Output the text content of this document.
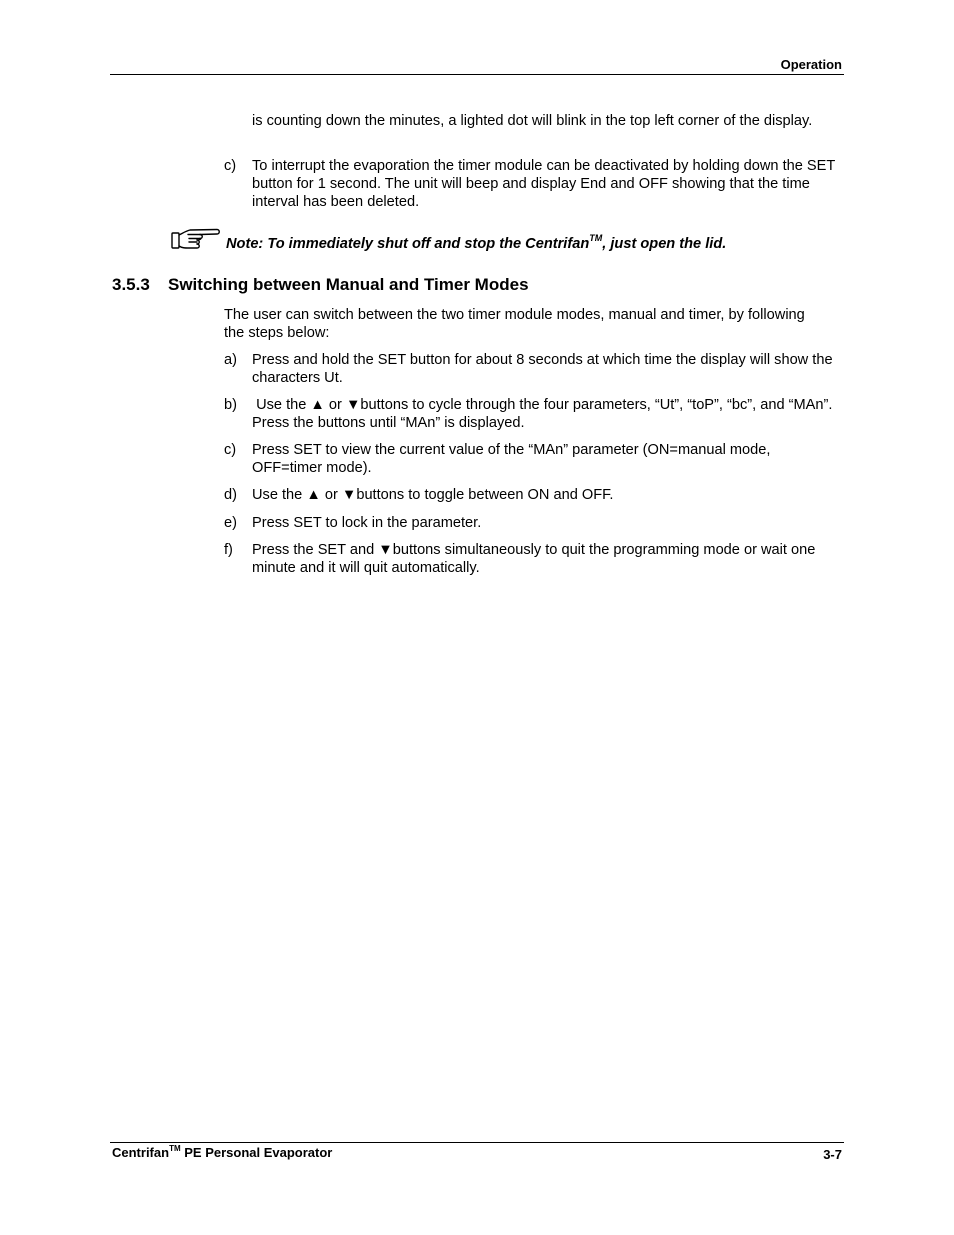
Operation
is counting down the minutes, a lighted dot will blink in the top left corner of the display.
c)	To interrupt the evaporation the timer module can be deactivated by holding down the SET button for 1 second. The unit will beep and display End and OFF showing that the time interval has been deleted.
Note: To immediately shut off and stop the Centrifan™, just open the lid.
3.5.3 Switching between Manual and Timer Modes
The user can switch between the two timer module modes, manual and timer, by following the steps below:
a)	Press and hold the SET button for about 8 seconds at which time the display will show the characters Ut.
b)	Use the ▲ or ▼buttons to cycle through the four parameters, “Ut”, “toP”, “bc”, and “MAn”.  Press the buttons until “MAn” is displayed.
c)	Press SET to view the current value of the “MAn” parameter (ON=manual mode, OFF=timer mode).
d)	Use the ▲ or ▼buttons to toggle between ON and OFF.
e)	Press SET to lock in the parameter.
f)	Press the SET and ▼buttons simultaneously to quit the programming mode or wait one minute and it will quit automatically.
Centrifan™ PE Personal Evaporator	3-7
